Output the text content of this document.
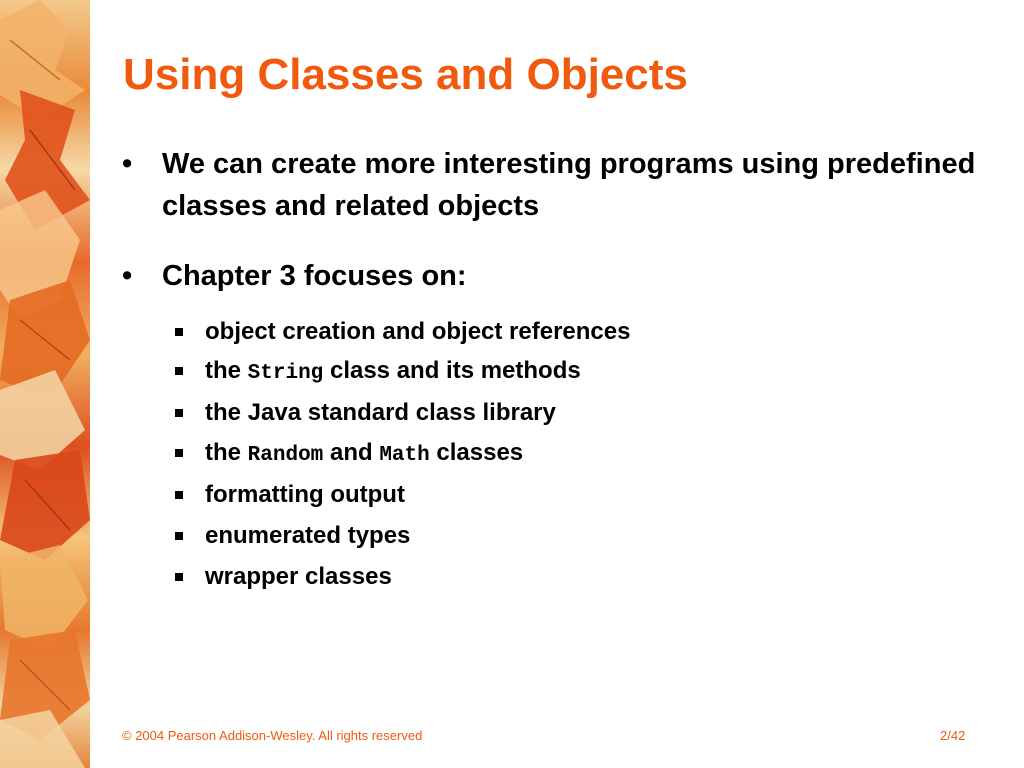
Using Classes and Objects
• We can create more interesting programs using predefined classes and related objects
• Chapter 3 focuses on:
object creation and object references
the String class and its methods
the Java standard class library
the Random and Math classes
formatting output
enumerated types
wrapper classes
© 2004 Pearson Addison-Wesley. All rights reserved	2/42
